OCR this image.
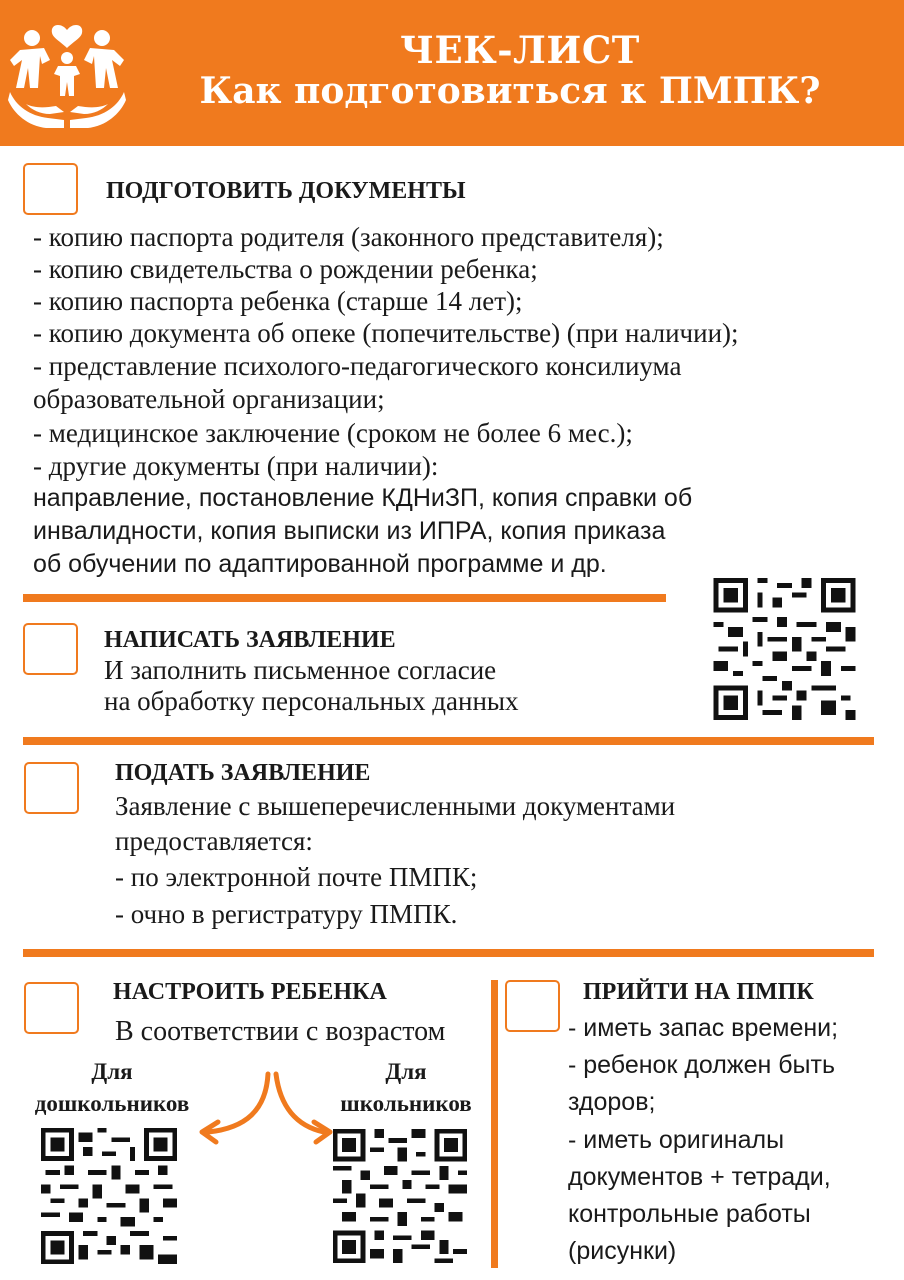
ЧЕК-ЛИСТ
Как подготовиться к ПМПК?
ПОДГОТОВИТЬ ДОКУМЕНТЫ
- копию паспорта родителя (законного представителя);
- копию свидетельства о рождении ребенка;
- копию паспорта ребенка (старше 14 лет);
- копию документа об опеке (попечительстве) (при наличии);
- представление психолого-педагогического консилиума
образовательной организации;
- медицинское заключение (сроком не более 6 мес.);
- другие документы (при наличии):
направление, постановление КДНиЗП, копия справки об
инвалидности, копия выписки из ИПРА, копия приказа
об обучении по адаптированной программе и др.
НАПИСАТЬ ЗАЯВЛЕНИЕ
И заполнить письменное согласие
на обработку персональных данных
ПОДАТЬ ЗАЯВЛЕНИЕ
Заявление с вышеперечисленными документами
предоставляется:
- по электронной почте ПМПК;
- очно в регистратуру ПМПК.
НАСТРОИТЬ РЕБЕНКА
В соответствии с возрастом
Для
дошкольников
Для
школьников
ПРИЙТИ НА ПМПК
- иметь запас времени;
- ребенок должен быть
здоров;
- иметь оригиналы
документов + тетради,
контрольные работы
(рисунки)
